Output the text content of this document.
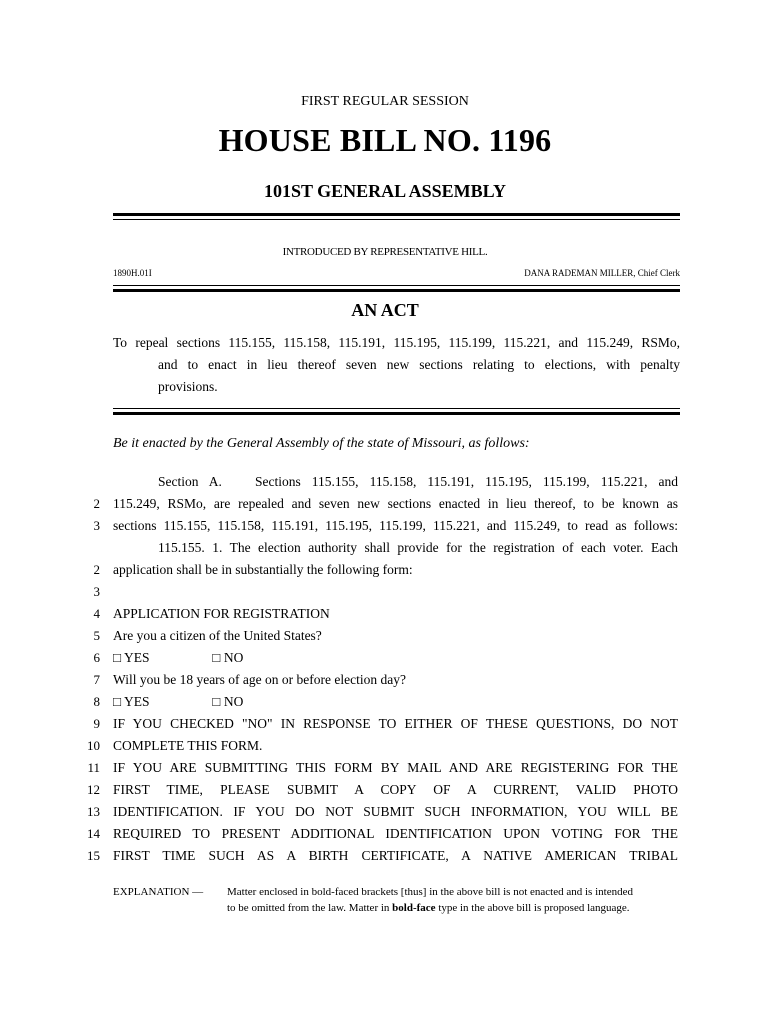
FIRST REGULAR SESSION
HOUSE BILL NO. 1196
101ST GENERAL ASSEMBLY
INTRODUCED BY REPRESENTATIVE HILL.
1890H.01I	DANA RADEMAN MILLER, Chief Clerk
AN ACT
To repeal sections 115.155, 115.158, 115.191, 115.195, 115.199, 115.221, and 115.249, RSMo,
and to enact in lieu thereof seven new sections relating to elections, with penalty
provisions.
Be it enacted by the General Assembly of the state of Missouri, as follows:
Section A.   Sections 115.155, 115.158, 115.191, 115.195, 115.199, 115.221, and
2 115.249, RSMo, are repealed and seven new sections enacted in lieu thereof, to be known as
3 sections 115.155, 115.158, 115.191, 115.195, 115.199, 115.221, and 115.249, to read as follows:
115.155. 1. The election authority shall provide for the registration of each voter. Each
2 application shall be in substantially the following form:
3
4 APPLICATION FOR REGISTRATION
5 Are you a citizen of the United States?
6 □ YES	□ NO
7 Will you be 18 years of age on or before election day?
8 □ YES	□ NO
9 IF YOU CHECKED "NO" IN RESPONSE TO EITHER OF THESE QUESTIONS, DO NOT
10 COMPLETE THIS FORM.
11 IF YOU ARE SUBMITTING THIS FORM BY MAIL AND ARE REGISTERING FOR THE
12 FIRST TIME, PLEASE SUBMIT A COPY OF A CURRENT, VALID PHOTO
13 IDENTIFICATION. IF YOU DO NOT SUBMIT SUCH INFORMATION, YOU WILL BE
14 REQUIRED TO PRESENT ADDITIONAL IDENTIFICATION UPON VOTING FOR THE
15 FIRST TIME SUCH AS A BIRTH CERTIFICATE, A NATIVE AMERICAN TRIBAL
EXPLANATION — Matter enclosed in bold-faced brackets [thus] in the above bill is not enacted and is intended
to be omitted from the law. Matter in bold-face type in the above bill is proposed language.
